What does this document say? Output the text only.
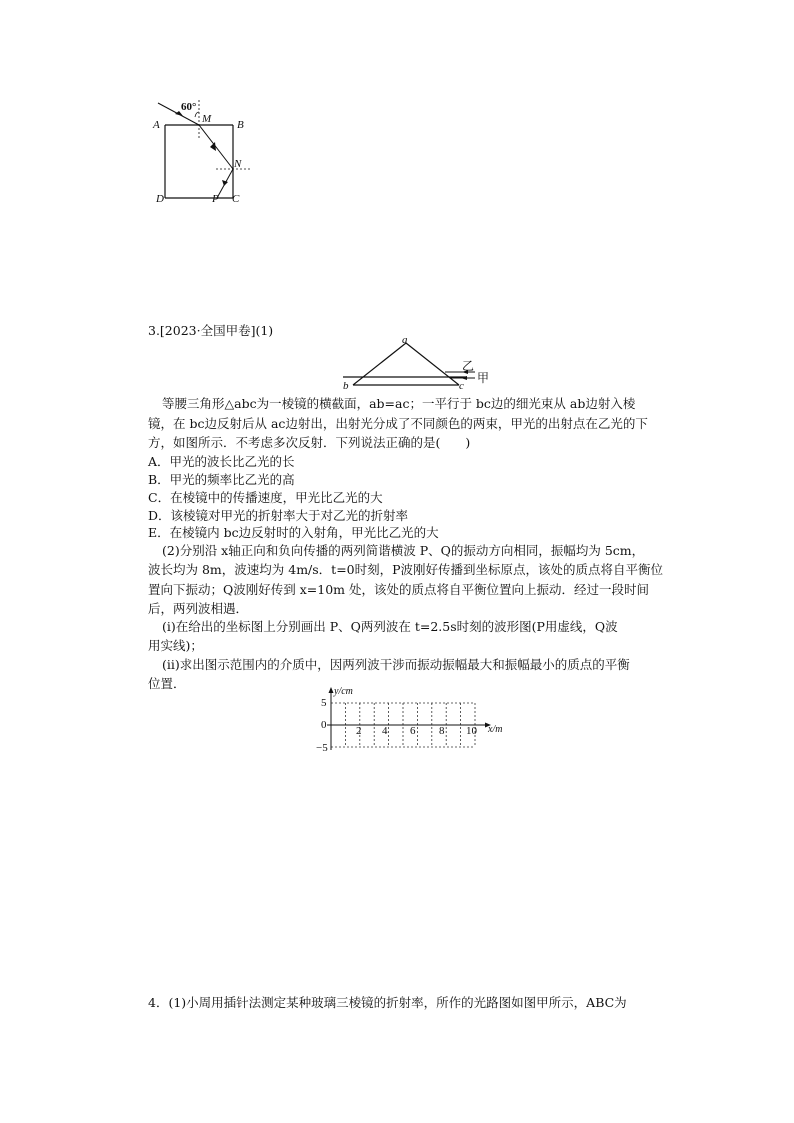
60°
A	M B
N
D	P C
3.[2023·全国甲卷](1)
a
b	c
乙
甲
等腰三角形△abc为一棱镜的横截面，ab=ac；一平行于 bc边的细光束从 ab边射入棱
镜，在 bc边反射后从 ac边射出，出射光分成了不同颜色的两束，甲光的出射点在乙光的下
方，如图所示．不考虑多次反射．下列说法正确的是(　　)
A．甲光的波长比乙光的长
B．甲光的频率比乙光的高
C．在棱镜中的传播速度，甲光比乙光的大
D．该棱镜对甲光的折射率大于对乙光的折射率
E．在棱镜内 bc边反射时的入射角，甲光比乙光的大
(2)分别沿 x轴正向和负向传播的两列简谐横波 P、Q的振动方向相同，振幅均为 5cm，
波长均为 8m，波速均为 4m/s．t=0时刻，P波刚好传播到坐标原点，该处的质点将自平衡位
置向下振动；Q波刚好传到 x=10m 处，该处的质点将自平衡位置向上振动．经过一段时间
后，两列波相遇．
(ⅰ)在给出的坐标图上分别画出 P、Q两列波在 t=2.5s时刻的波形图(P用虚线，Q波
用实线)；
(ⅱ)求出图示范围内的介质中，因两列波干涉而振动振幅最大和振幅最小的质点的平衡
位置．
y/cm
x/m
5
0
−5
2 4 6 8 10
4．(1)小周用插针法测定某种玻璃三棱镜的折射率，所作的光路图如图甲所示，ABC为
